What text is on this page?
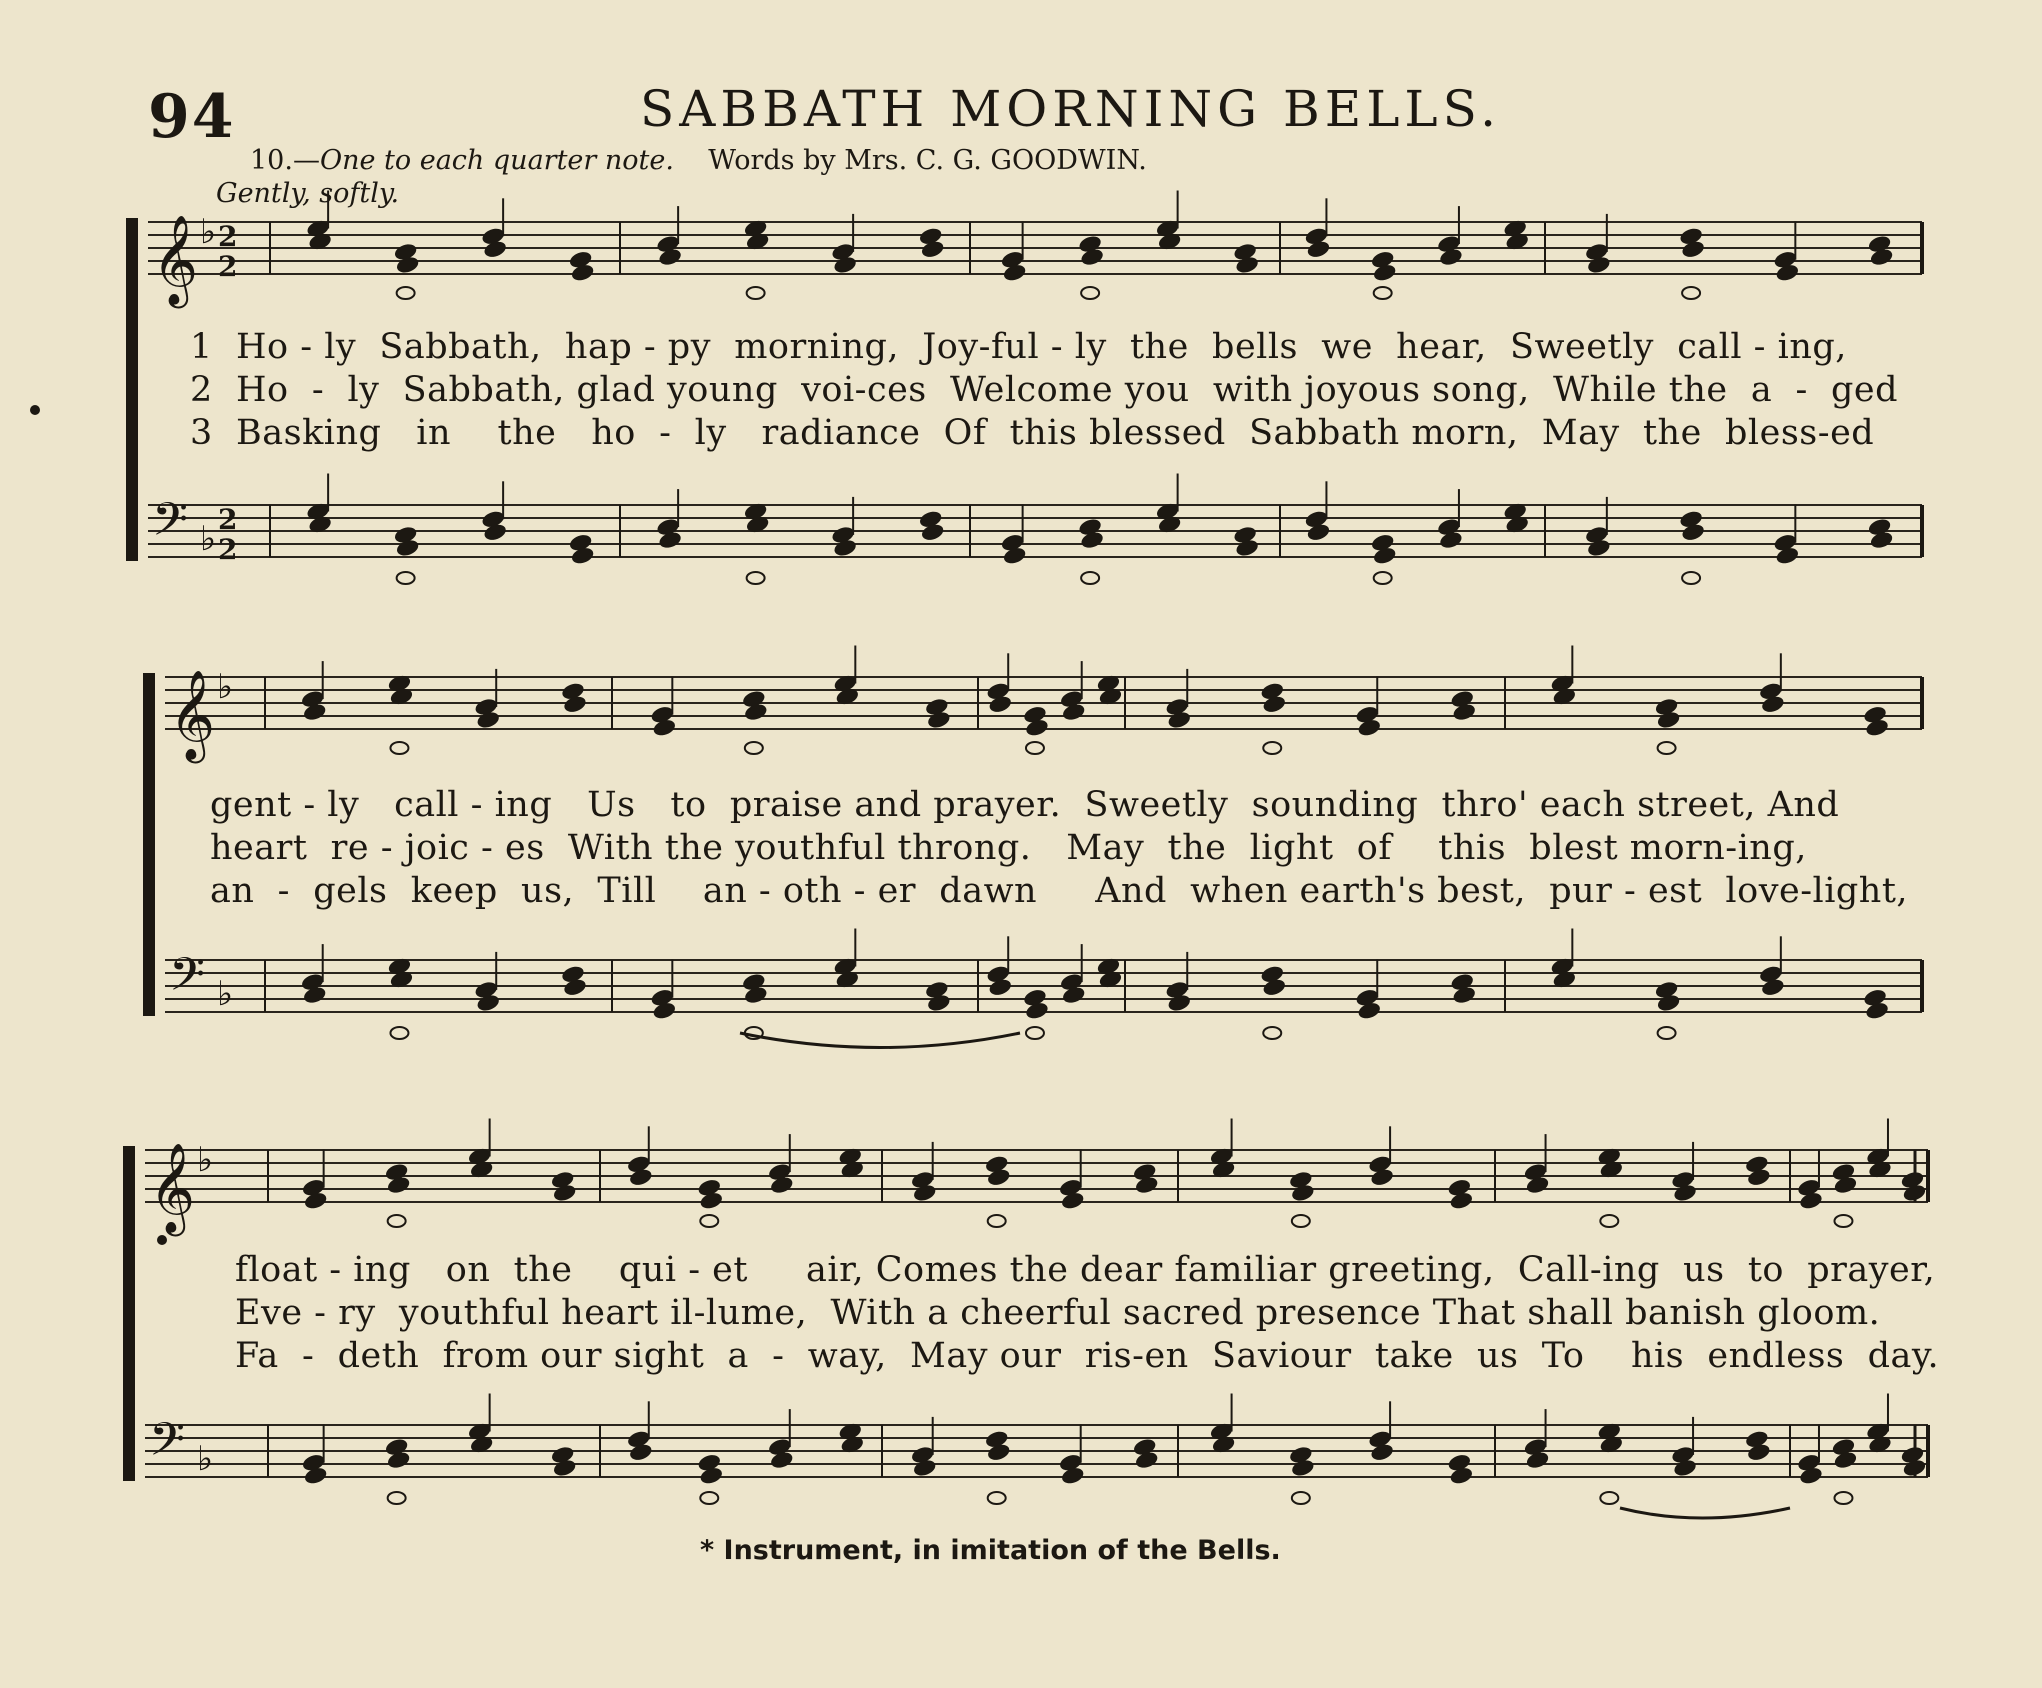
94	SABBATH MORNING BELLS.
10.—One to each quarter note. Words by Mrs. C. G. GOODWIN.
Gently, softly.
𝄞 ♭ 2
2
𝄢 ♭ 2
2
𝄞 ♭
𝄢 ♭
𝄞 ♭
𝄢 ♭
1  Ho - ly  Sabbath,  hap - py  morning,  Joy-ful - ly  the  bells  we  hear,  Sweetly  call - ing,
2  Ho  -  ly  Sabbath, glad young  voi-ces  Welcome you  with joyous song,  While the  a  -  ged
3  Basking   in    the   ho  -  ly   radiance  Of  this blessed  Sabbath morn,  May  the  bless-ed
gent - ly   call - ing   Us   to  praise and prayer.  Sweetly  sounding  thro' each street, And
heart  re - joic - es  With the youthful throng.   May  the  light  of    this  blest morn-ing,
an  -  gels  keep  us,  Till    an - oth - er  dawn     And  when earth's best,  pur - est  love-light,
float - ing   on  the    qui - et     air, Comes the dear familiar greeting,  Call-ing  us  to  prayer,
Eve - ry  youthful heart il-lume,  With a cheerful sacred presence That shall banish gloom.
Fa  -  deth  from our sight  a  -  way,  May our  ris-en  Saviour  take  us  To    his  endless  day.
* Instrument, in imitation of the Bells.
